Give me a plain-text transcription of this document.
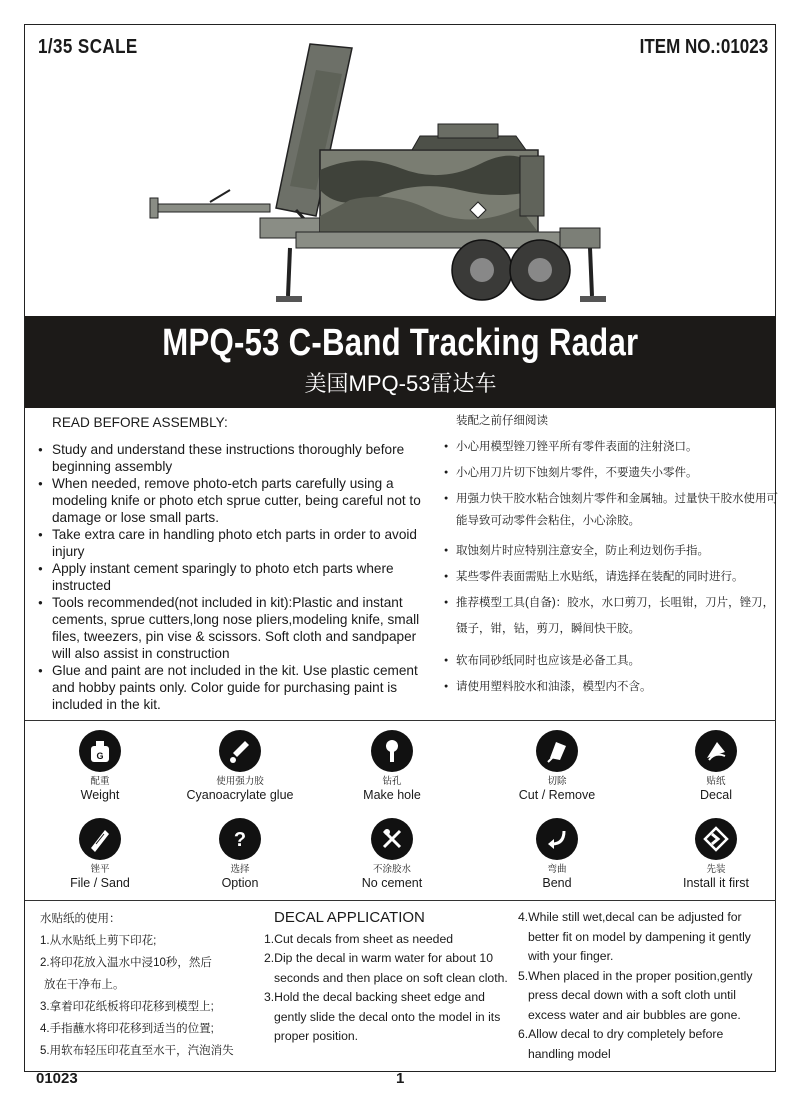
1/35 SCALE	ITEM NO.:01023
MPQ-53 C-Band Tracking Radar
美国MPQ-53雷达车
READ BEFORE ASSEMBLY:
● Study and understand these instructions thoroughly before beginning assembly
● When needed, remove photo-etch parts carefully using a modeling knife or photo etch sprue cutter, being careful not to damage or lose small parts.
● Take extra care in handling photo etch parts in order to avoid injury
● Apply instant cement sparingly to photo etch parts where instructed
● Tools recommended(not included in kit):Plastic and instant cements, sprue cutters,long nose pliers,modeling knife, small files, tweezers, pin vise & scissors. Soft cloth and sandpaper will also assist in construction
● Glue and paint are not included in the kit. Use plastic cement and hobby paints only. Color guide for purchasing paint is included in the kit.
装配之前仔细阅读
● 小心用模型锉刀锉平所有零件表面的注射浇口。
● 小心用刀片切下蚀刻片零件，不要遗失小零件。
● 用强力快干胶水粘合蚀刻片零件和金属轴。过量快干胶水使用可能导致可动零件会粘住，小心涂胶。
● 取蚀刻片时应特别注意安全，防止利边划伤手指。
● 某些零件表面需贴上水贴纸，请选择在装配的同时进行。
● 推荐模型工具(自备)：胶水，水口剪刀，长咀钳，刀片，锉刀，镊子，钳，钻，剪刀，瞬间快干胶。
● 软布同砂纸同时也应该是必备工具。
● 请使用塑料胶水和油漆，模型内不含。
G
配重
Weight
使用强力胶
Cyanoacrylate glue
钻孔
Make hole
切除
Cut / Remove
贴纸
Decal
锉平
File / Sand
?
选择
Option
不涂胶水
No cement
弯曲
Bend
先装
Install it first
水贴纸的使用：
1.从水贴纸上剪下印花;
2.将印花放入温水中浸10秒，然后
放在干净布上。
3.拿着印花纸板将印花移到模型上;
4.手指蘸水将印花移到适当的位置;
5.用软布轻压印花直至水干，汽泡消失
DECAL APPLICATION
1.Cut decals from sheet as needed
2.Dip the decal in warm water for about 10
seconds and then place on soft clean cloth.
3.Hold the decal backing sheet edge and
gently slide the decal onto the model in its
proper position.
4.While still wet,decal can be adjusted for
better fit on model by dampening it gently
with your finger.
5.When placed in the proper position,gently
press decal down with a soft cloth until
excess water and air bubbles are gone.
6.Allow decal to dry completely before
handling model
01023	1
